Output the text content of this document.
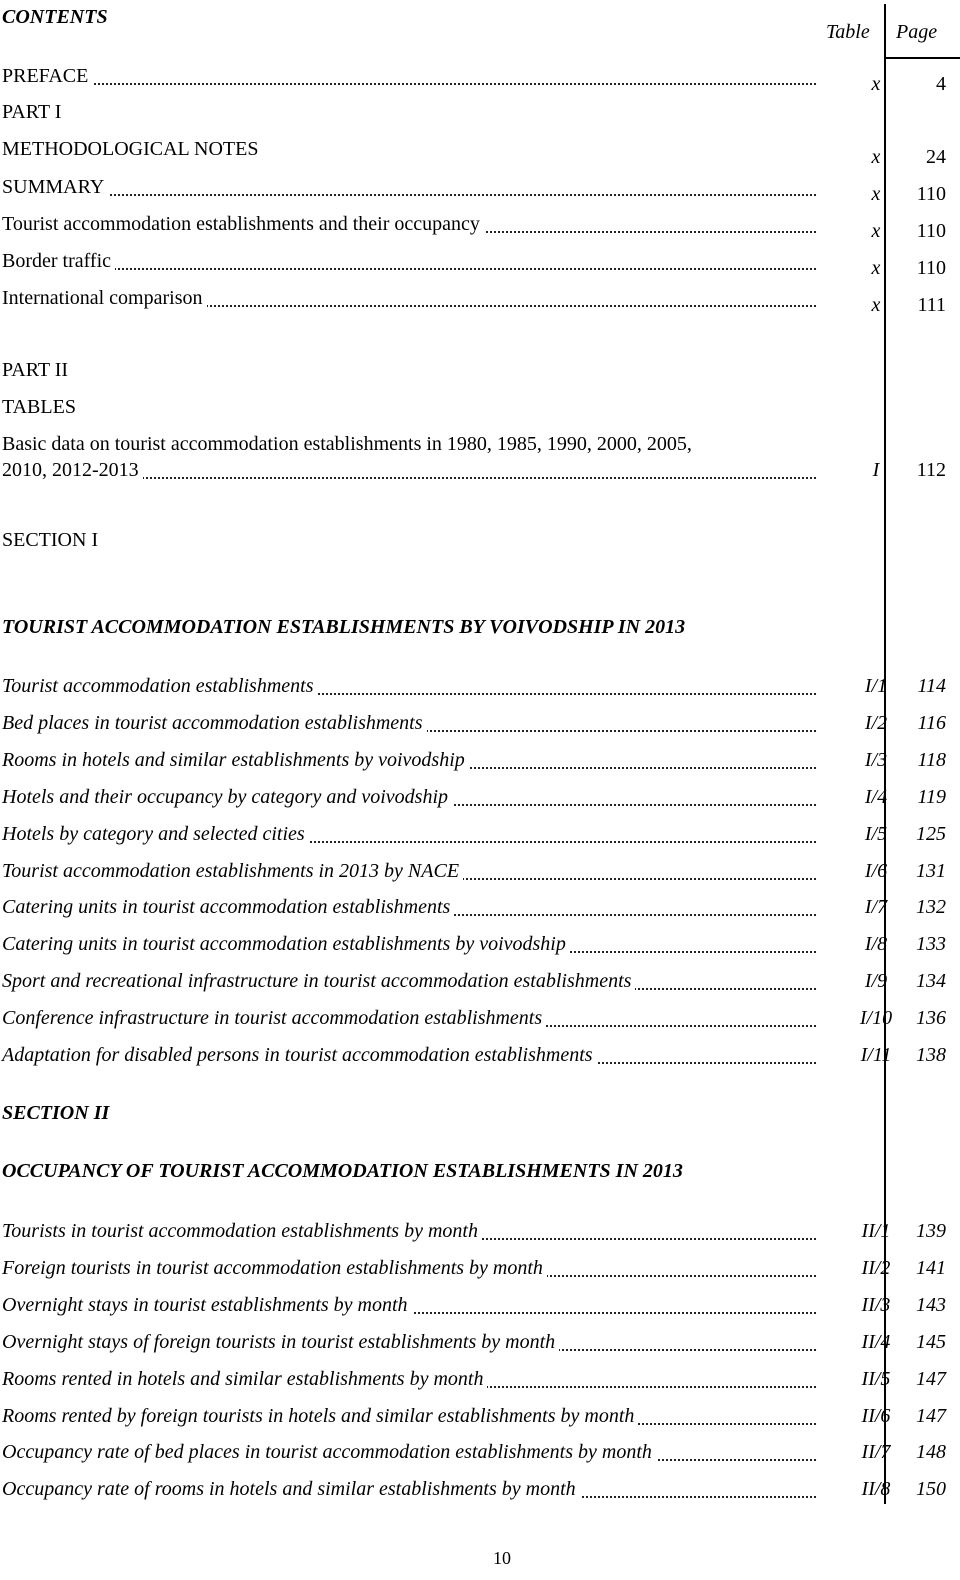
CONTENTS
Table Page
PREFACE	x	4
PART I
METHODOLOGICAL NOTES	x	24
SUMMARY	x	110
Tourist accommodation establishments and their occupancy	x	110
Border traffic	x	110
International comparison	x	111
PART II
TABLES
Basic data on tourist accommodation establishments in 1980, 1985, 1990, 2000, 2005,
2010, 2012-2013	I	112
SECTION I
TOURIST ACCOMMODATION ESTABLISHMENTS BY VOIVODSHIP IN 2013
Tourist accommodation establishments	I/1	114
Bed places in tourist accommodation establishments	I/2	116
Rooms in hotels and similar establishments by voivodship	I/3	118
Hotels and their occupancy by category and voivodship	I/4	119
Hotels by category and selected cities	I/5	125
Tourist accommodation establishments in 2013 by NACE	I/6	131
Catering units in tourist accommodation establishments	I/7	132
Catering units in tourist accommodation establishments by voivodship	I/8	133
Sport and recreational infrastructure in tourist accommodation establishments	I/9	134
Conference infrastructure in tourist accommodation establishments	I/10	136
Adaptation for disabled persons in tourist accommodation establishments	I/11	138
SECTION II
OCCUPANCY OF TOURIST ACCOMMODATION ESTABLISHMENTS IN 2013
Tourists in tourist accommodation establishments by month	II/1	139
Foreign tourists in tourist accommodation establishments by month	II/2	141
Overnight stays in tourist establishments by month	II/3	143
Overnight stays of foreign tourists in tourist establishments by month	II/4	145
Rooms rented in hotels and similar establishments by month	II/5	147
Rooms rented by foreign tourists in hotels and similar establishments by month	II/6	147
Occupancy rate of bed places in tourist accommodation establishments by month	II/7	148
Occupancy rate of rooms in hotels and similar establishments by month	II/8	150
10
